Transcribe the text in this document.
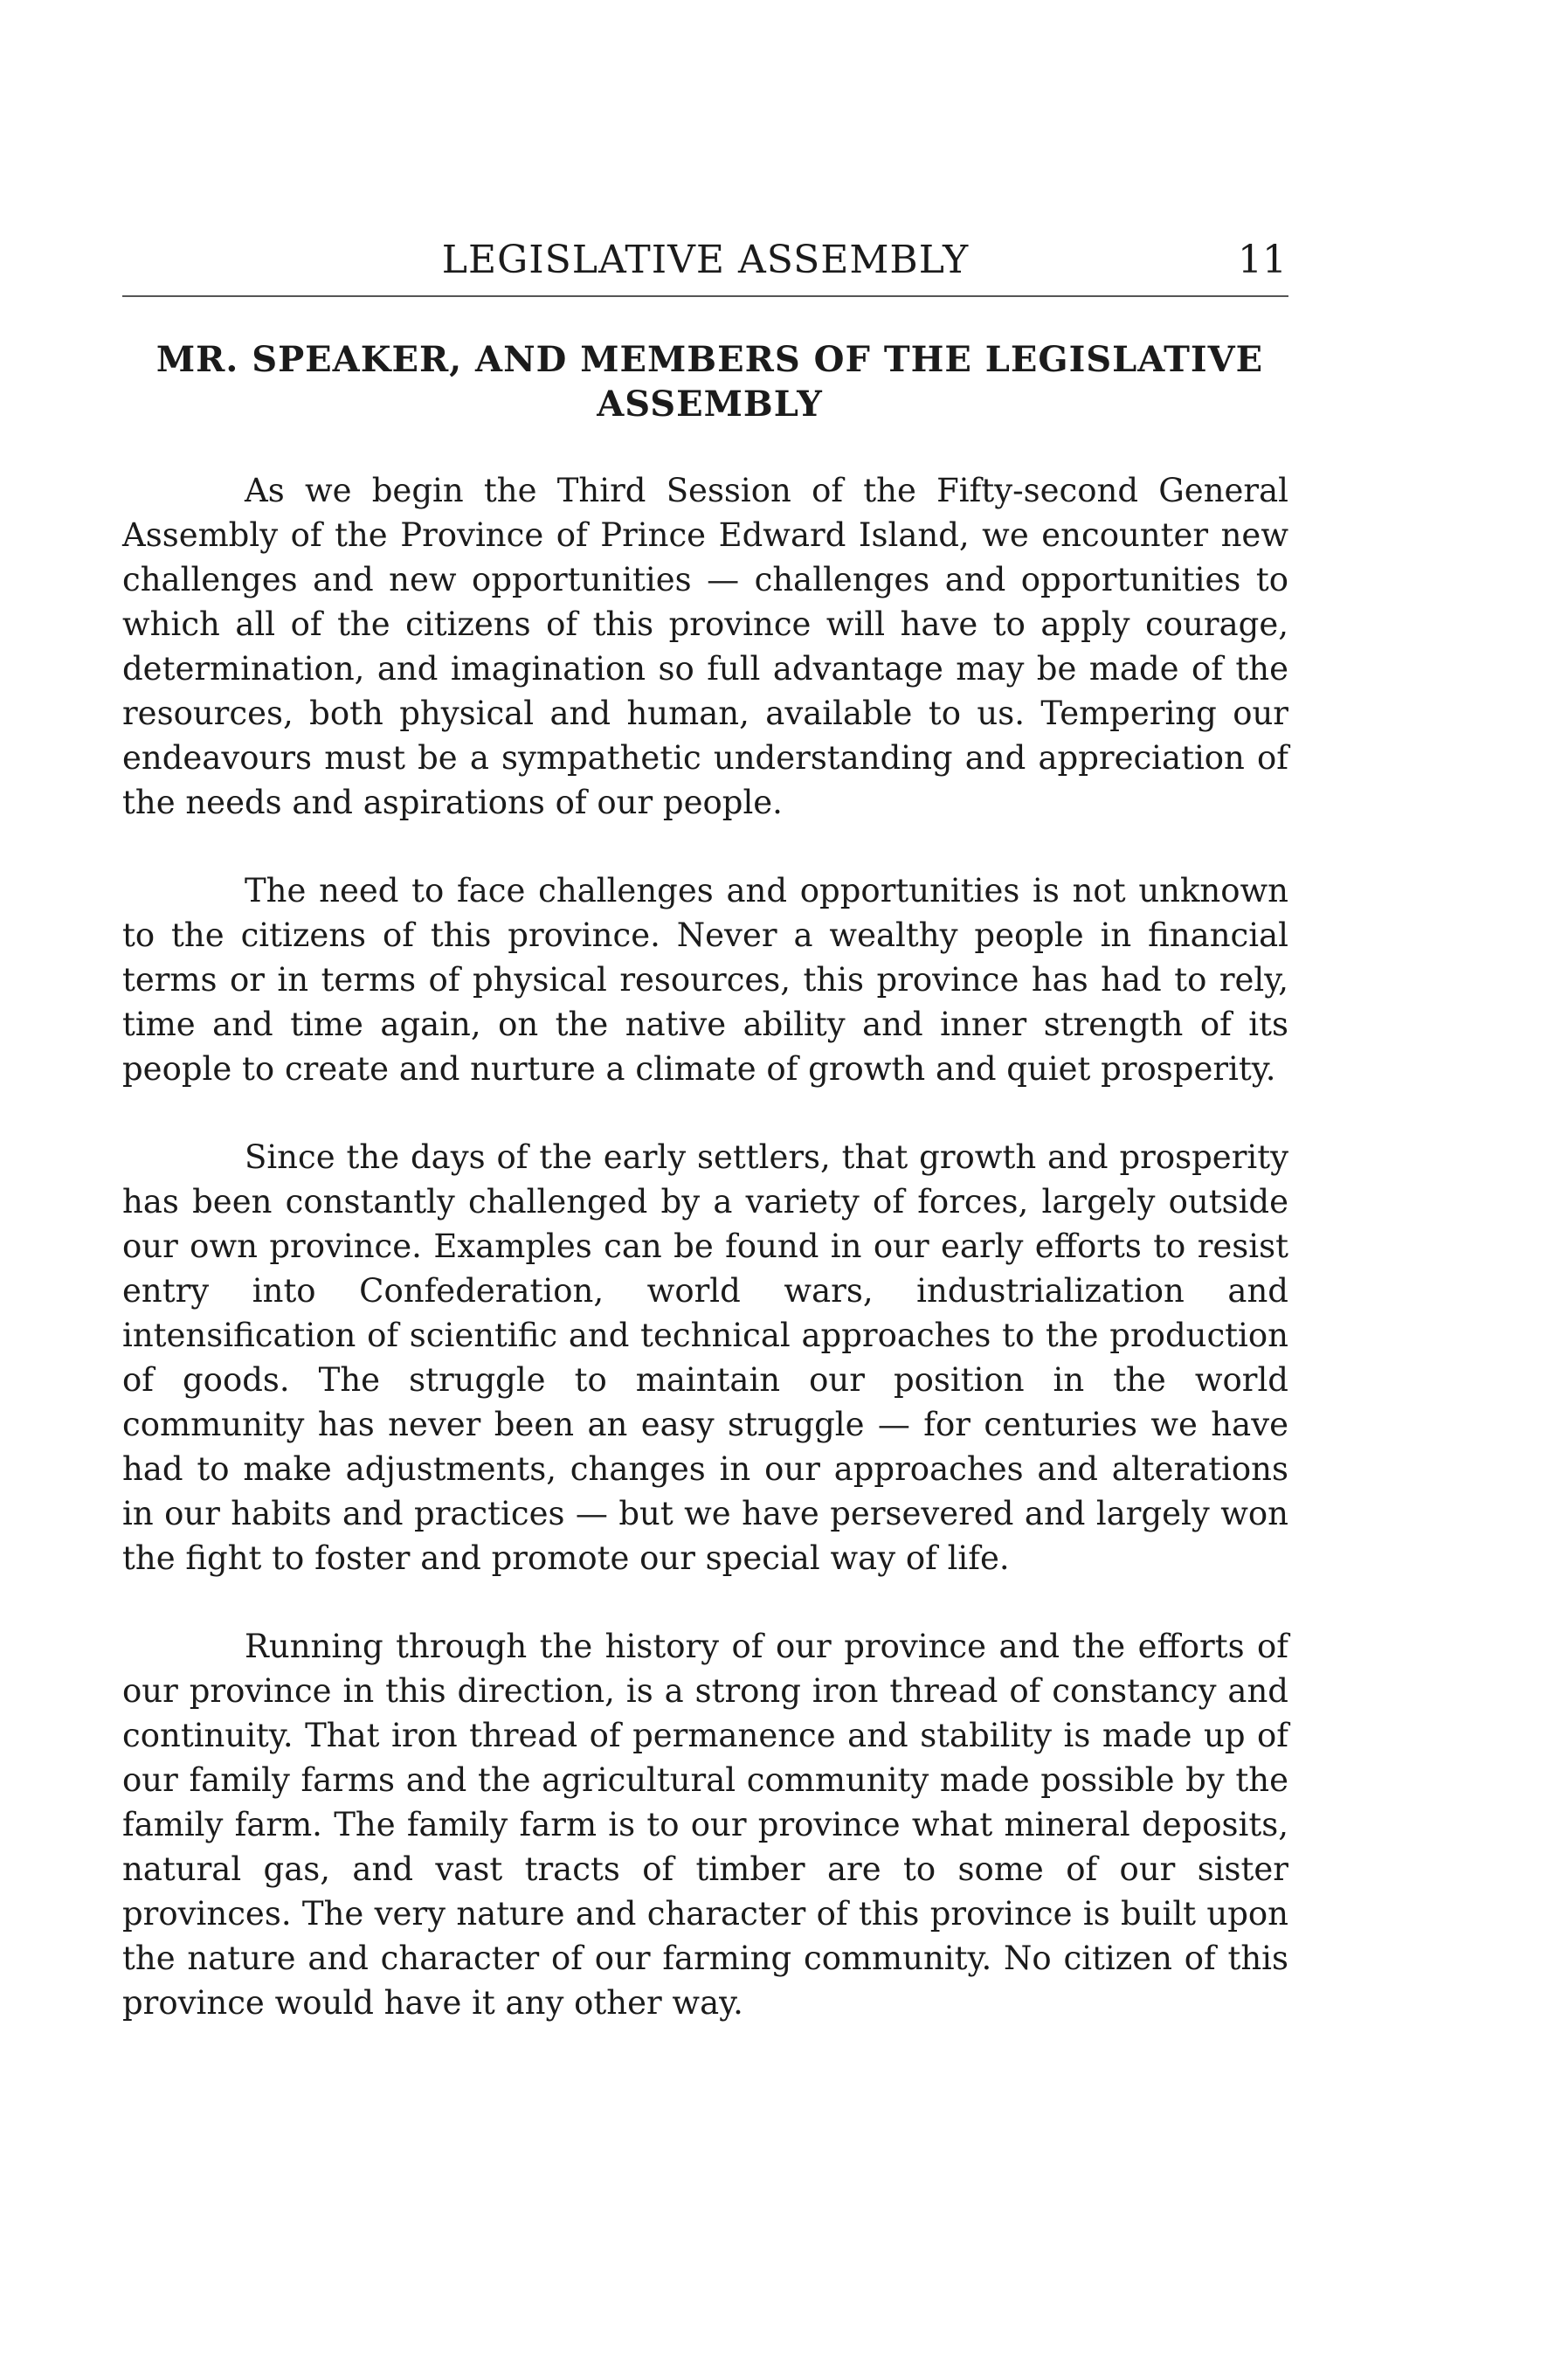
LEGISLATIVE ASSEMBLY	11
MR. SPEAKER, AND MEMBERS OF THE LEGISLATIVE ASSEMBLY

As we begin the Third Session of the Fifty-second General Assembly of the Province of Prince Edward Island, we encounter new challenges and new opportunities — challenges and opportunities to which all of the citizens of this province will have to apply courage, determination, and imagination so full advantage may be made of the resources, both physical and human, available to us. Tempering our endeavours must be a sympathetic understanding and appreciation of the needs and aspirations of our people.

The need to face challenges and opportunities is not unknown to the citizens of this province. Never a wealthy people in financial terms or in terms of physical resources, this province has had to rely, time and time again, on the native ability and inner strength of its people to create and nurture a climate of growth and quiet prosperity.

Since the days of the early settlers, that growth and prosperity has been constantly challenged by a variety of forces, largely outside our own province. Examples can be found in our early efforts to resist entry into Confederation, world wars, industrialization and intensification of scientific and technical approaches to the production of goods. The struggle to maintain our position in the world community has never been an easy struggle — for centuries we have had to make adjustments, changes in our approaches and alterations in our habits and practices — but we have persevered and largely won the fight to foster and promote our special way of life.

Running through the history of our province and the efforts of our province in this direction, is a strong iron thread of constancy and continuity. That iron thread of permanence and stability is made up of our family farms and the agricultural community made possible by the family farm. The family farm is to our province what mineral deposits, natural gas, and vast tracts of timber are to some of our sister provinces. The very nature and character of this province is built upon the nature and character of our farming community. No citizen of this province would have it any other way.
